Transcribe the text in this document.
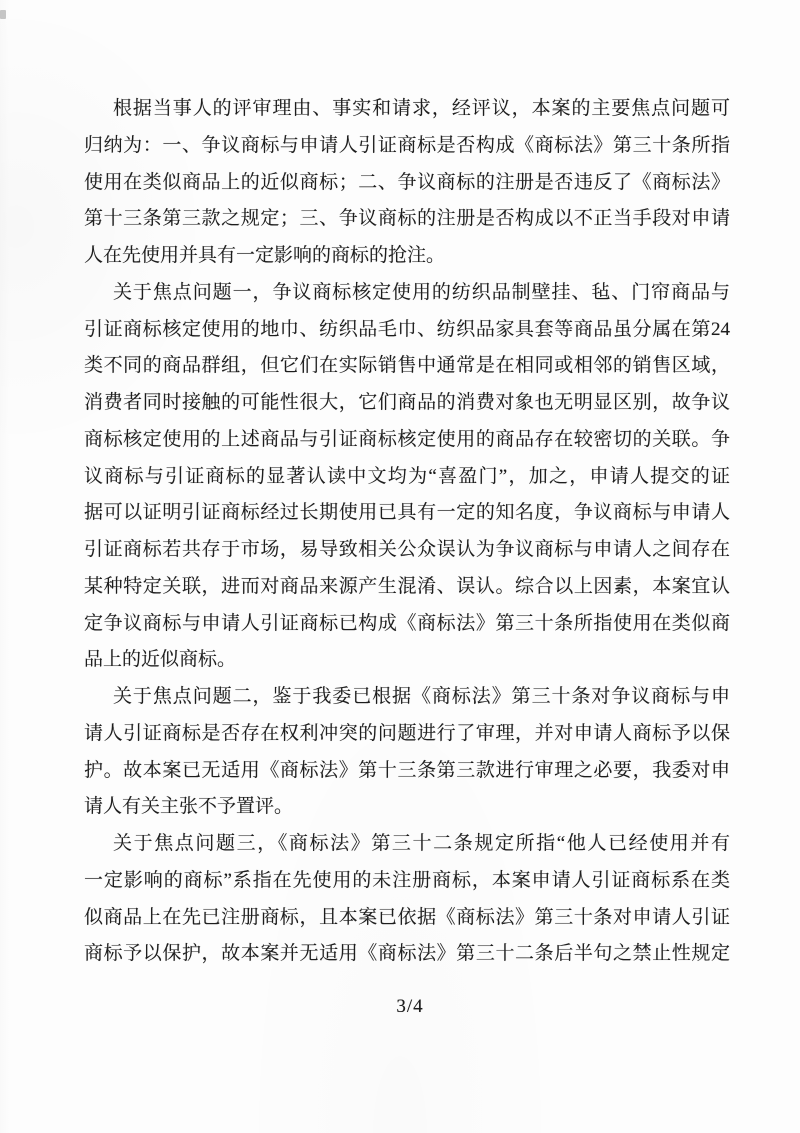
根据当事人的评审理由、事实和请求，经评议，本案的主要焦点问题可
归纳为：一、争议商标与申请人引证商标是否构成《商标法》第三十条所指
使用在类似商品上的近似商标；二、争议商标的注册是否违反了《商标法》
第十三条第三款之规定；三、争议商标的注册是否构成以不正当手段对申请
人在先使用并具有一定影响的商标的抢注。
关于焦点问题一，争议商标核定使用的纺织品制壁挂、毡、门帘商品与
引证商标核定使用的地巾、纺织品毛巾、纺织品家具套等商品虽分属在第24
类不同的商品群组，但它们在实际销售中通常是在相同或相邻的销售区域，
消费者同时接触的可能性很大，它们商品的消费对象也无明显区别，故争议
商标核定使用的上述商品与引证商标核定使用的商品存在较密切的关联。争
议商标与引证商标的显著认读中文均为“喜盈门”，加之，申请人提交的证
据可以证明引证商标经过长期使用已具有一定的知名度，争议商标与申请人
引证商标若共存于市场，易导致相关公众误认为争议商标与申请人之间存在
某种特定关联，进而对商品来源产生混淆、误认。综合以上因素，本案宜认
定争议商标与申请人引证商标已构成《商标法》第三十条所指使用在类似商
品上的近似商标。
关于焦点问题二，鉴于我委已根据《商标法》第三十条对争议商标与申
请人引证商标是否存在权利冲突的问题进行了审理，并对申请人商标予以保
护。故本案已无适用《商标法》第十三条第三款进行审理之必要，我委对申
请人有关主张不予置评。
关于焦点问题三，《商标法》第三十二条规定所指“他人已经使用并有
一定影响的商标”系指在先使用的未注册商标，本案申请人引证商标系在类
似商品上在先已注册商标，且本案已依据《商标法》第三十条对申请人引证
商标予以保护，故本案并无适用《商标法》第三十二条后半句之禁止性规定
3/4
